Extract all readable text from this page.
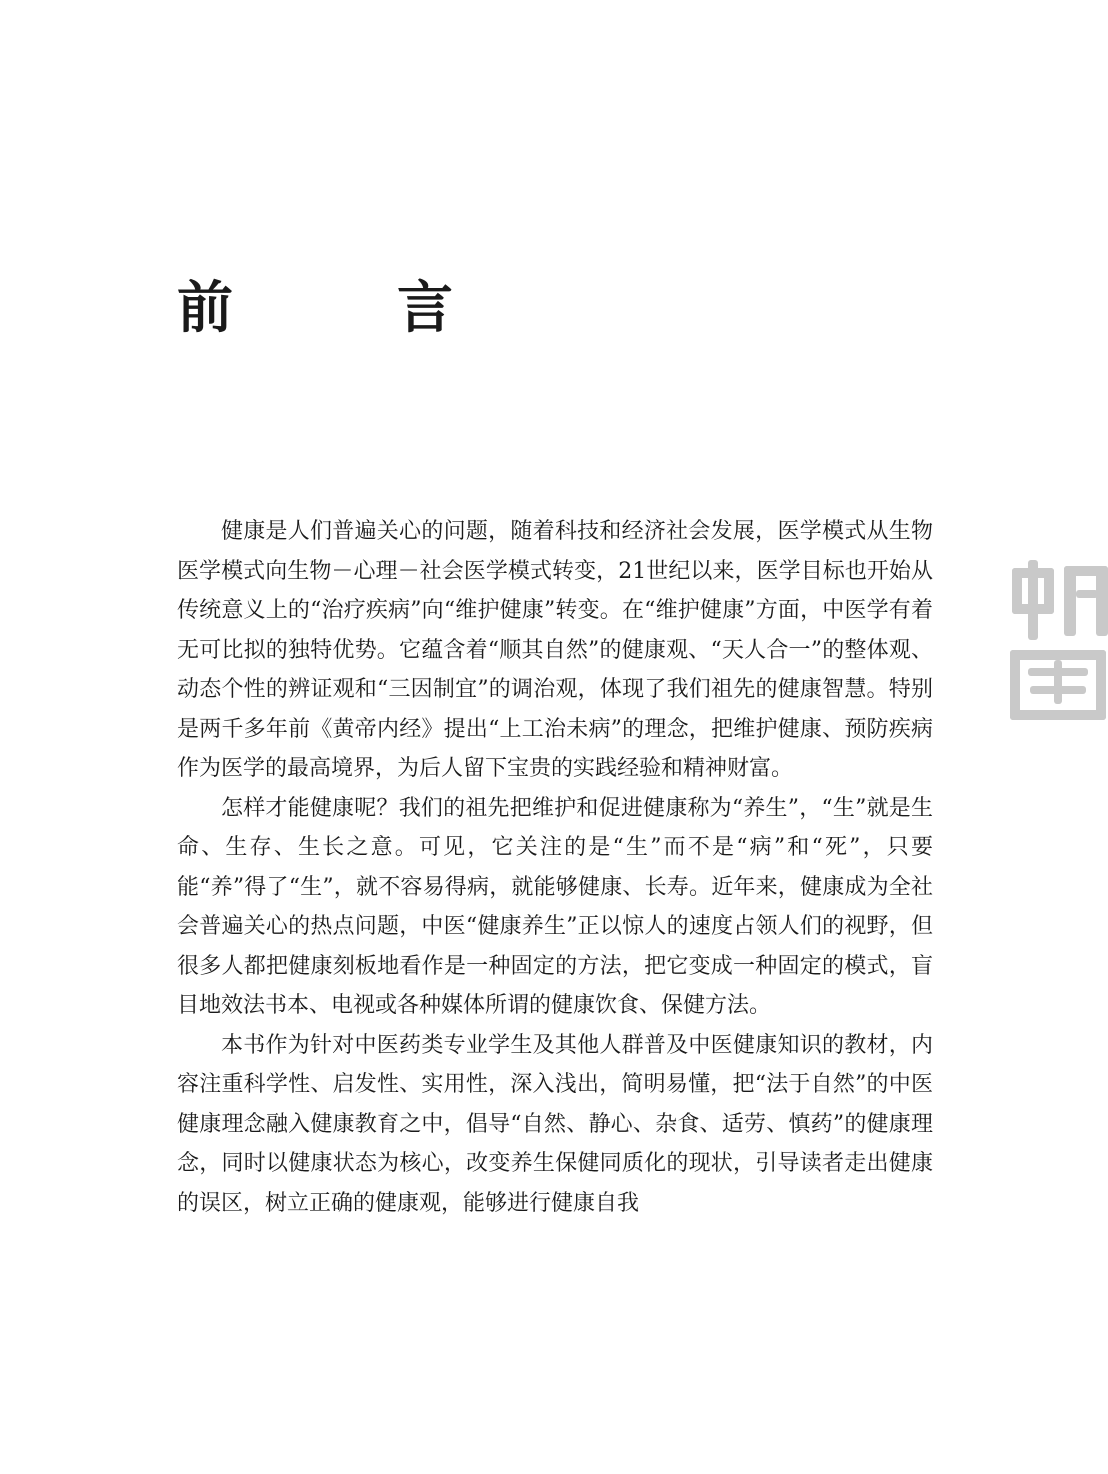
前　言

健康是人们普遍关心的问题，随着科技和经济社会发展，医学模式从生物医学模式向生物－心理－社会医学模式转变，21世纪以来，医学目标也开始从传统意义上的“治疗疾病”向“维护健康”转变。在“维护健康”方面，中医学有着无可比拟的独特优势。它蕴含着“顺其自然”的健康观、“天人合一”的整体观、动态个性的辨证观和“三因制宜”的调治观，体现了我们祖先的健康智慧。特别是两千多年前《黄帝内经》提出“上工治未病”的理念，把维护健康、预防疾病作为医学的最高境界，为后人留下宝贵的实践经验和精神财富。

怎样才能健康呢？我们的祖先把维护和促进健康称为“养生”，“生”就是生命、生存、生长之意。可见，它关注的是“生”而不是“病”和“死”，只要能“养”得了“生”，就不容易得病，就能够健康、长寿。近年来，健康成为全社会普遍关心的热点问题，中医“健康养生”正以惊人的速度占领人们的视野，但很多人都把健康刻板地看作是一种固定的方法，把它变成一种固定的模式，盲目地效法书本、电视或各种媒体所谓的健康饮食、保健方法。

本书作为针对中医药类专业学生及其他人群普及中医健康知识的教材，内容注重科学性、启发性、实用性，深入浅出，简明易懂，把“法于自然”的中医健康理念融入健康教育之中，倡导“自然、静心、杂食、适劳、慎药”的健康理念，同时以健康状态为核心，改变养生保健同质化的现状，引导读者走出健康的误区，树立正确的健康观，能够进行健康自我
